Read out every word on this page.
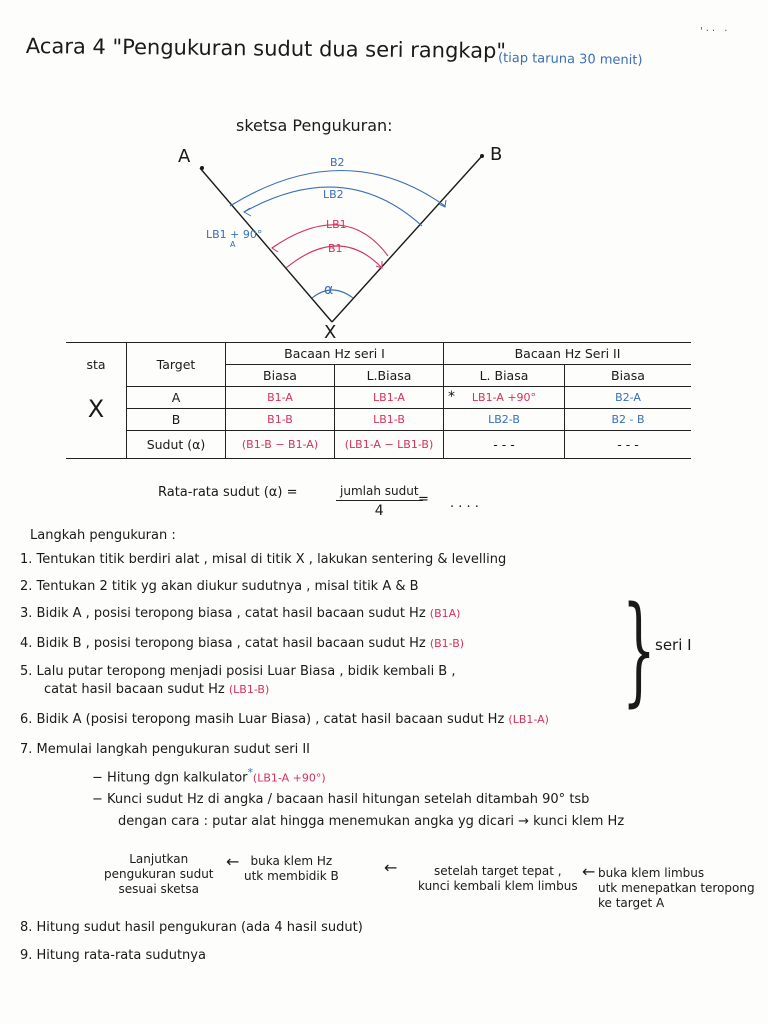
Acara 4 "Pengukuran sudut dua seri rangkap"
(tiap taruna 30 menit)
'·· ·
sketsa Pengukuran:
A	B
X
B2
LB2
LB1
B1
α
LB1 + 90°
A
sta	Target	Bacaan Hz seri I		Bacaan Hz Seri II	
		Biasa	L.Biasa	L. Biasa	Biasa
X	A	B1-A	LB1-A	* LB1-A +90°	B2-A
	B	B1-B	LB1-B	LB2-B	B2 - B
	Sudut (α)	(B1-B − B1-A)	(LB1-A − LB1-B)	- - -	- - -
Rata-rata sudut (α) =	jumlah sudut
4
= . . . .
Langkah pengukuran :
1. Tentukan titik berdiri alat , misal di titik X , lakukan sentering & levelling
2. Tentukan 2 titik yg akan diukur sudutnya , misal titik A & B
3. Bidik A , posisi teropong biasa , catat hasil bacaan sudut Hz (B1A)
4. Bidik B , posisi teropong biasa , catat hasil bacaan sudut Hz (B1-B)
5. Lalu putar teropong menjadi posisi Luar Biasa , bidik kembali B ,
catat hasil bacaan sudut Hz (LB1-B)
6. Bidik A (posisi teropong masih Luar Biasa) , catat hasil bacaan sudut Hz (LB1-A)
} seri I
7. Memulai langkah pengukuran sudut seri II
− Hitung dgn kalkulator*(LB1-A +90°)
− Kunci sudut Hz di angka / bacaan hasil hitungan setelah ditambah 90° tsb
dengan cara : putar alat hingga menemukan angka yg dicari → kunci klem Hz
Lanjutkan
pengukuran sudut
sesuai sketsa
← buka klem Hz
utk membidik B	←	setelah target tepat ,
kunci kembali klem limbus
← buka klem limbus
utk menepatkan teropong
ke target A
8. Hitung sudut hasil pengukuran (ada 4 hasil sudut)
9. Hitung rata-rata sudutnya
